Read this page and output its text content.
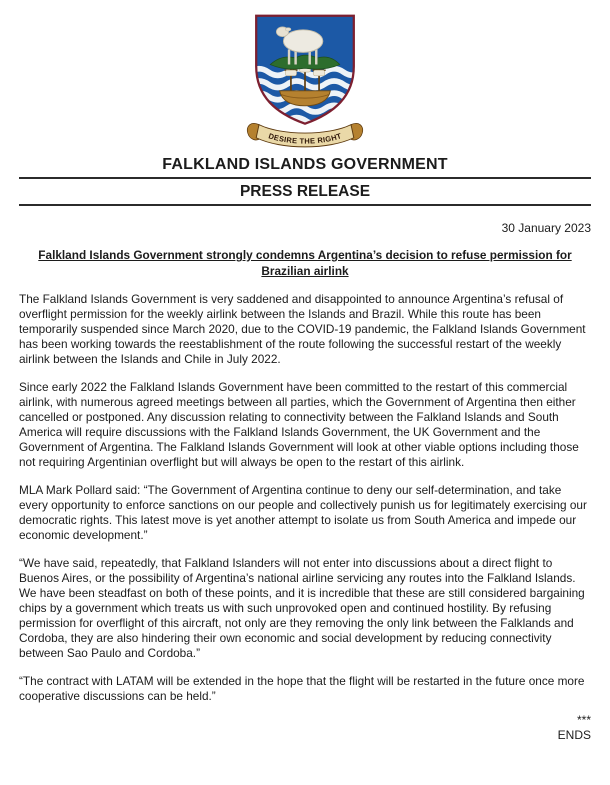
DESIRE THE RIGHT
FALKLAND ISLANDS GOVERNMENT
PRESS RELEASE
30 January 2023
Falkland Islands Government strongly condemns Argentina’s decision to refuse permission for Brazilian airlink

The Falkland Islands Government is very saddened and disappointed to announce Argentina’s refusal of overflight permission for the weekly airlink between the Islands and Brazil. While this route has been temporarily suspended since March 2020, due to the COVID-19 pandemic, the Falkland Islands Government has been working towards the reestablishment of the route following the successful restart of the weekly airlink between the Islands and Chile in July 2022.

Since early 2022 the Falkland Islands Government have been committed to the restart of this commercial airlink, with numerous agreed meetings between all parties, which the Government of Argentina then either cancelled or postponed. Any discussion relating to connectivity between the Falkland Islands and South America will require discussions with the Falkland Islands Government, the UK Government and the Government of Argentina. The Falkland Islands Government will look at other viable options including those not requiring Argentinian overflight but will always be open to the restart of this airlink.

MLA Mark Pollard said: “The Government of Argentina continue to deny our self-determination, and take every opportunity to enforce sanctions on our people and collectively punish us for legitimately exercising our democratic rights. This latest move is yet another attempt to isolate us from South America and impede our economic development.”

“We have said, repeatedly, that Falkland Islanders will not enter into discussions about a direct flight to Buenos Aires, or the possibility of Argentina’s national airline servicing any routes into the Falkland Islands. We have been steadfast on both of these points, and it is incredible that these are still considered bargaining chips by a government which treats us with such unprovoked open and continued hostility. By refusing permission for overflight of this aircraft, not only are they removing the only link between the Falklands and Cordoba, they are also hindering their own economic and social development by reducing connectivity between Sao Paulo and Cordoba.”

“The contract with LATAM will be extended in the hope that the flight will be restarted in the future once more cooperative discussions can be held.”

***
ENDS
